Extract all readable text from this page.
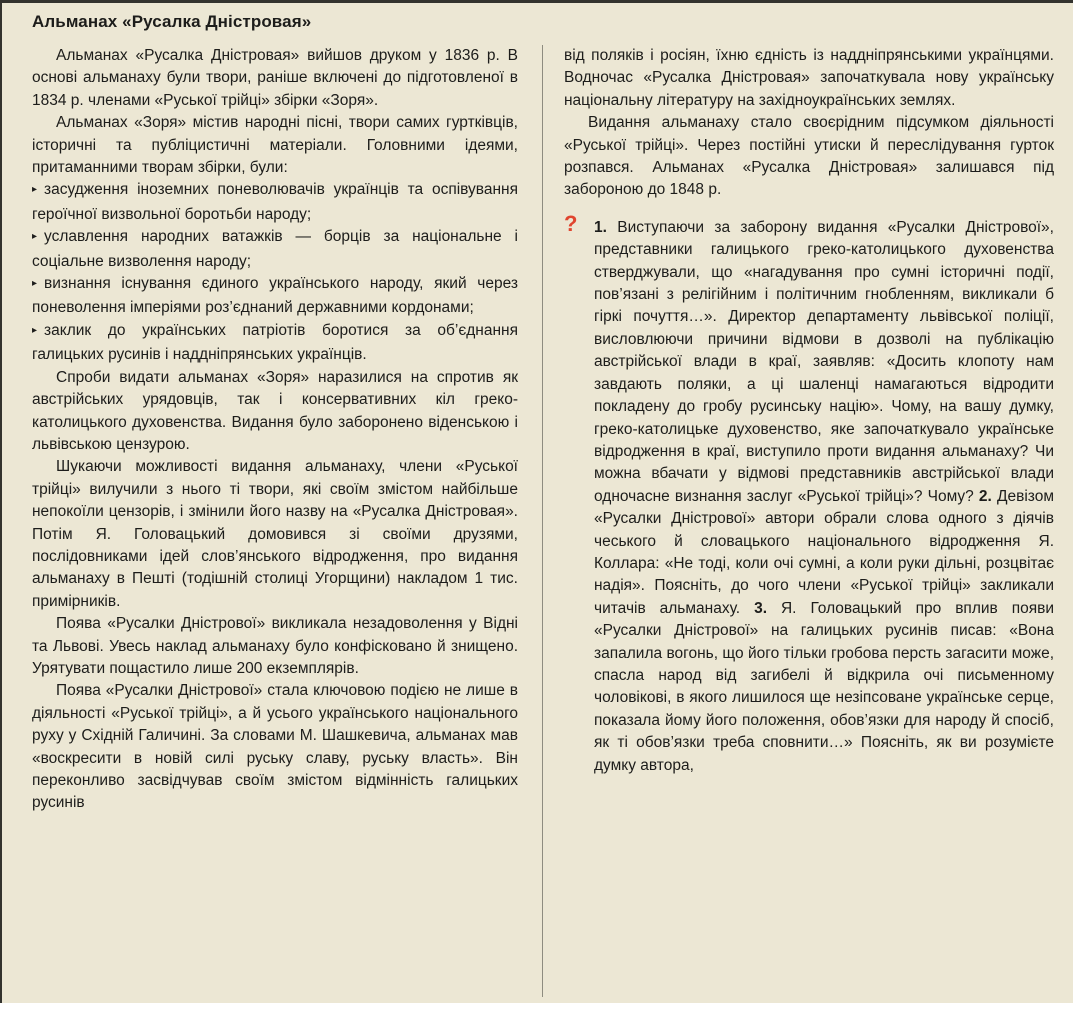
Альманах «Русалка Дністровая»

Альманах «Русалка Дністровая» вийшов друком у 1836 р. В основі альманаху були твори, раніше включені до підготовленої в 1834 р. членами «Руської трійці» збірки «Зоря».

Альманах «Зоря» містив народні пісні, твори самих гуртківців, історичні та публіцистичні матеріали. Головними ідеями, притаманними творам збірки, були:

▸ засудження іноземних поневолювачів українців та оспівування героїчної визвольної боротьби народу;

▸ уславлення народних ватажків — борців за національне і соціальне визволення народу;

▸ визнання існування єдиного українського народу, який через поневолення імперіями роз’єднаний державними кордонами;

▸ заклик до українських патріотів боротися за об’єднання галицьких русинів і наддніпрянських українців.

Спроби видати альманах «Зоря» наразилися на спротив як австрійських урядовців, так і консервативних кіл греко-католицького духовенства. Видання було заборонено віденською і львівською цензурою.

Шукаючи можливості видання альманаху, члени «Руської трійці» вилучили з нього ті твори, які своїм змістом найбільше непокоїли цензорів, і змінили його назву на «Русалка Дністровая». Потім Я. Головацький домовився зі своїми друзями, послідовниками ідей слов’янського відродження, про видання альманаху в Пешті (тодішній столиці Угорщини) накладом 1 тис. примірників.

Поява «Русалки Дністрової» викликала незадоволення у Відні та Львові. Увесь наклад альманаху було конфісковано й знищено. Урятувати пощастило лише 200 екземплярів.

Поява «Русалки Дністрової» стала ключовою подією не лише в діяльності «Руської трійці», а й усього українського національного руху у Східній Галичині. За словами М. Шашкевича, альманах мав «воскресити в новій силі руську славу, руську власть». Він переконливо засвідчував своїм змістом відмінність галицьких русинів

від поляків і росіян, їхню єдність із наддніпрянськими українцями. Водночас «Русалка Дністровая» започаткувала нову українську національну літературу на західноукраїнських землях.

Видання альманаху стало своєрідним підсумком діяльності «Руської трійці». Через постійні утиски й переслідування гурток розпався. Альманах «Русалка Дністровая» залишався під забороною до 1848 р.

? 1. Виступаючи за заборону видання «Русалки Дністрової», представники галицького греко-католицького духовенства стверджували, що «нагадування про сумні історичні події, пов’язані з релігійним і політичним гнобленням, викликали б гіркі почуття…». Директор департаменту львівської поліції, висловлюючи причини відмови в дозволі на публікацію австрійської влади в краї, заявляв: «Досить клопоту нам завдають поляки, а ці шаленці намагаються відродити покладену до гробу русинську націю». Чому, на вашу думку, греко-католицьке духовенство, яке започаткувало українське відродження в краї, виступило проти видання альманаху? Чи можна вбачати у відмові представників австрійської влади одночасне визнання заслуг «Руської трійці»? Чому? 2. Девізом «Русалки Дністрової» автори обрали слова одного з діячів чеського й словацького національного відродження Я. Коллара: «Не тоді, коли очі сумні, а коли руки дільні, розцвітає надія». Поясніть, до чого члени «Руської трійці» закликали читачів альманаху. 3. Я. Головацький про вплив появи «Русалки Дністрової» на галицьких русинів писав: «Вона запалила вогонь, що його тільки гробова персть загасити може, спасла народ від загибелі й відкрила очі письменному чоловікові, в якого лишилося ще незіпсоване українське серце, показала йому його положення, обов’язки для народу й спосіб, як ті обов’язки треба сповнити…» Поясніть, як ви розумієте думку автора,
